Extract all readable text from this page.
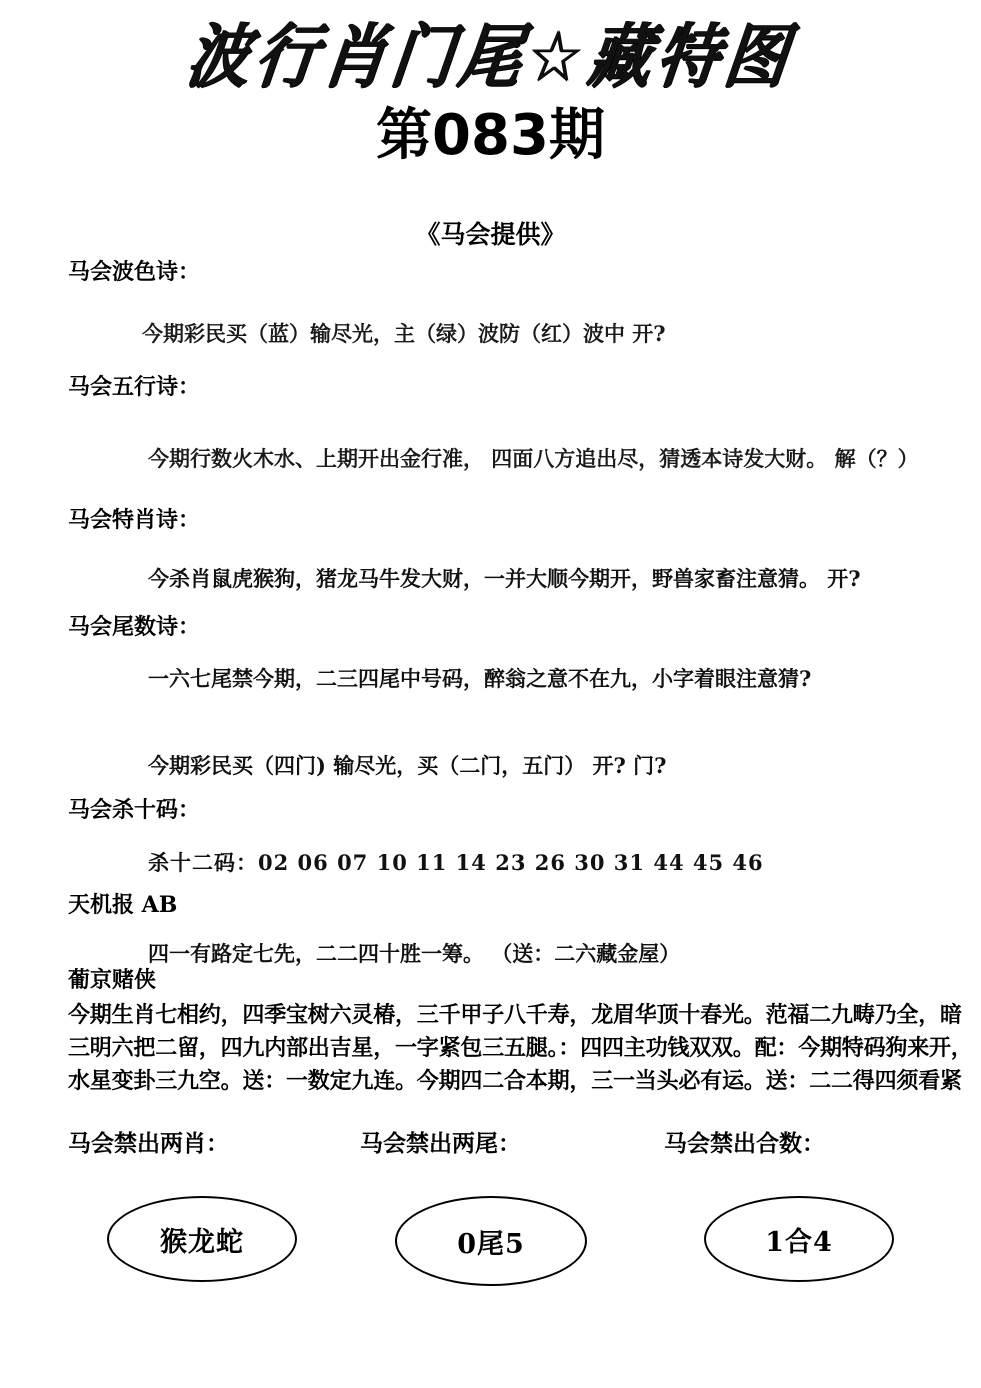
波行肖门尾☆藏特图
第083期
《马会提供》
马会波色诗：
今期彩民买（蓝）输尽光，主（绿）波防（红）波中 开?
马会五行诗：
今期行数火木水、上期开出金行准， 四面八方追出尽，猜透本诗发大财。 解（？）
马会特肖诗：
今杀肖鼠虎猴狗，猪龙马牛发大财，一并大顺今期开，野兽家畜注意猜。 开?
马会尾数诗：
一六七尾禁今期，二三四尾中号码，醉翁之意不在九，小字着眼注意猜?
今期彩民买（四门) 输尽光，买（二门，五门） 开? 门?
马会杀十码：
杀十二码：02 06 07 10 11 14 23 26 30 31 44 45 46
天机报 AB
四一有路定七先，二二四十胜一筹。 （送：二六藏金屋）
葡京赌侠
今期生肖七相约，四季宝树六灵椿，三千甲子八千寿，龙眉华顶十春光。范福二九畴乃全，暗
三明六把二留，四九内部出吉星，一字紧包三五腿。：四四主功钱双双。配：今期特码狗来开，
水星变卦三九空。送：一数定九连。今期四二合本期，三一当头必有运。送：二二得四须看紧
马会禁出两肖：
猴龙蛇
马会禁出两尾：
0尾5
马会禁出合数：
1合4
